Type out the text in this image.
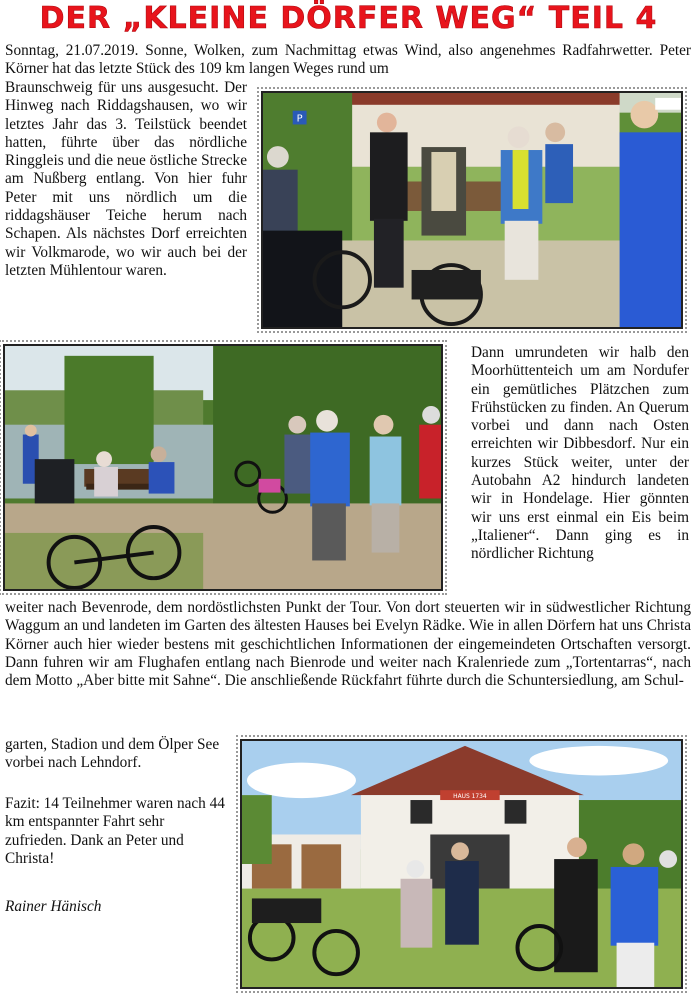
DER „KLEINE DÖRFER WEG“ TEIL 4

Sonntag, 21.07.2019. Sonne, Wolken, zum Nachmittag etwas Wind, also angenehmes Radfahrwetter. Peter Körner hat das letzte Stück des 109 km langen Weges rund um

Braunschweig für uns ausgesucht. Der Hinweg nach Riddagshausen, wo wir letztes Jahr das 3. Teilstück beendet hatten, führte über das nördliche Ringgleis und die neue östliche Strecke am Nußberg entlang. Von hier fuhr Peter mit uns nördlich um die riddagshäuser Teiche herum nach Schapen. Als nächstes Dorf erreichten wir Volkmarode, wo wir auch bei der letzten Mühlentour waren.

P

Dann umrundeten wir halb den Moorhüttenteich um am Nordufer ein gemütliches Plätzchen zum Frühstücken zu finden. An Querum vorbei und dann nach Osten erreichten wir Dibbesdorf. Nur ein kurzes Stück weiter, unter der Autobahn A2 hindurch landeten wir in Hondelage. Hier gönnten wir uns erst einmal ein Eis beim „Italiener“. Dann ging es in nördlicher Richtung

weiter nach Bevenrode, dem nordöstlichsten Punkt der Tour. Von dort steuerten wir in südwestlicher Richtung Waggum an und landeten im Garten des ältesten Hauses bei Evelyn Rädke. Wie in allen Dörfern hat uns Christa Körner auch hier wieder bestens mit geschichtlichen Informationen der eingemeindeten Ortschaften versorgt. Dann fuhren wir am Flughafen entlang nach Bienrode und weiter nach Kralenriede zum „Tortentarras“, nach dem Motto „Aber bitte mit Sahne“. Die anschließende Rückfahrt führte durch die Schuntersiedlung, am Schul-

garten, Stadion und dem Ölper See vorbei nach Lehndorf.

Fazit: 14 Teilnehmer waren nach 44 km entspannter Fahrt sehr zufrieden. Dank an Peter und Christa!

Rainer Hänisch

HAUS 1734
